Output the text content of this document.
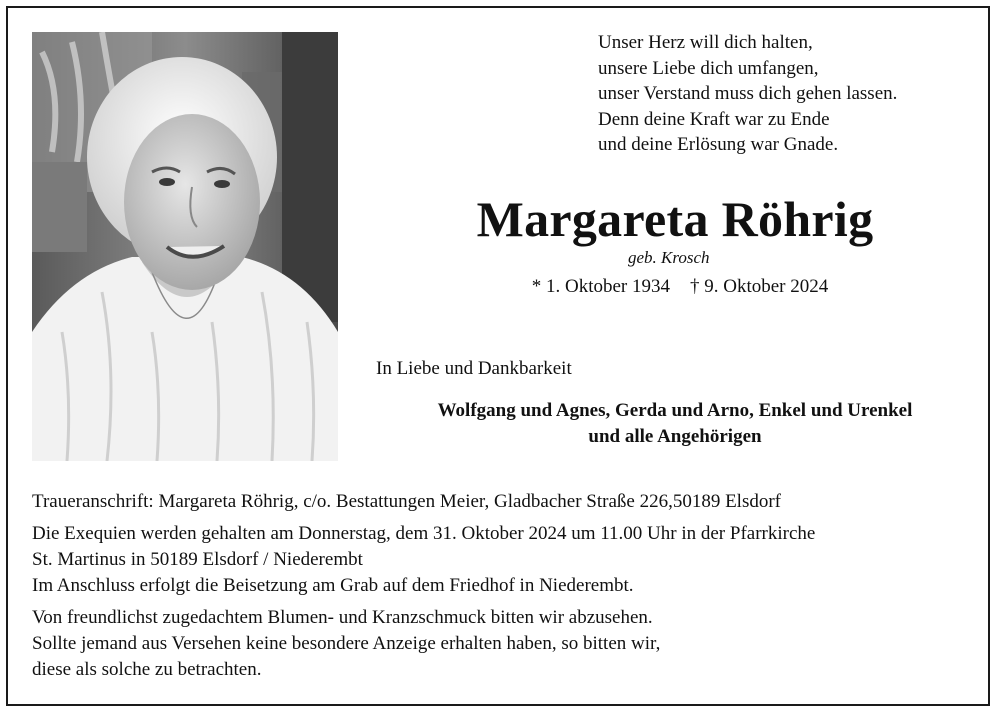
Unser Herz will dich halten,
unsere Liebe dich umfangen,
unser Verstand muss dich gehen lassen.
Denn deine Kraft war zu Ende
und deine Erlösung war Gnade.
Margareta Röhrig
geb. Krosch
* 1. Oktober 1934 † 9. Oktober 2024
In Liebe und Dankbarkeit
Wolfgang und Agnes, Gerda und Arno, Enkel und Urenkel
und alle Angehörigen

Traueranschrift: Margareta Röhrig, c/o. Bestattungen Meier, Gladbacher Straße 226,50189 Elsdorf

Die Exequien werden gehalten am Donnerstag, dem 31. Oktober 2024 um 11.00 Uhr in der Pfarrkirche

St. Martinus in 50189 Elsdorf / Niederembt

Im Anschluss erfolgt die Beisetzung am Grab auf dem Friedhof in Niederembt.

Von freundlichst zugedachtem Blumen- und Kranzschmuck bitten wir abzusehen.

Sollte jemand aus Versehen keine besondere Anzeige erhalten haben, so bitten wir,

diese als solche zu betrachten.
